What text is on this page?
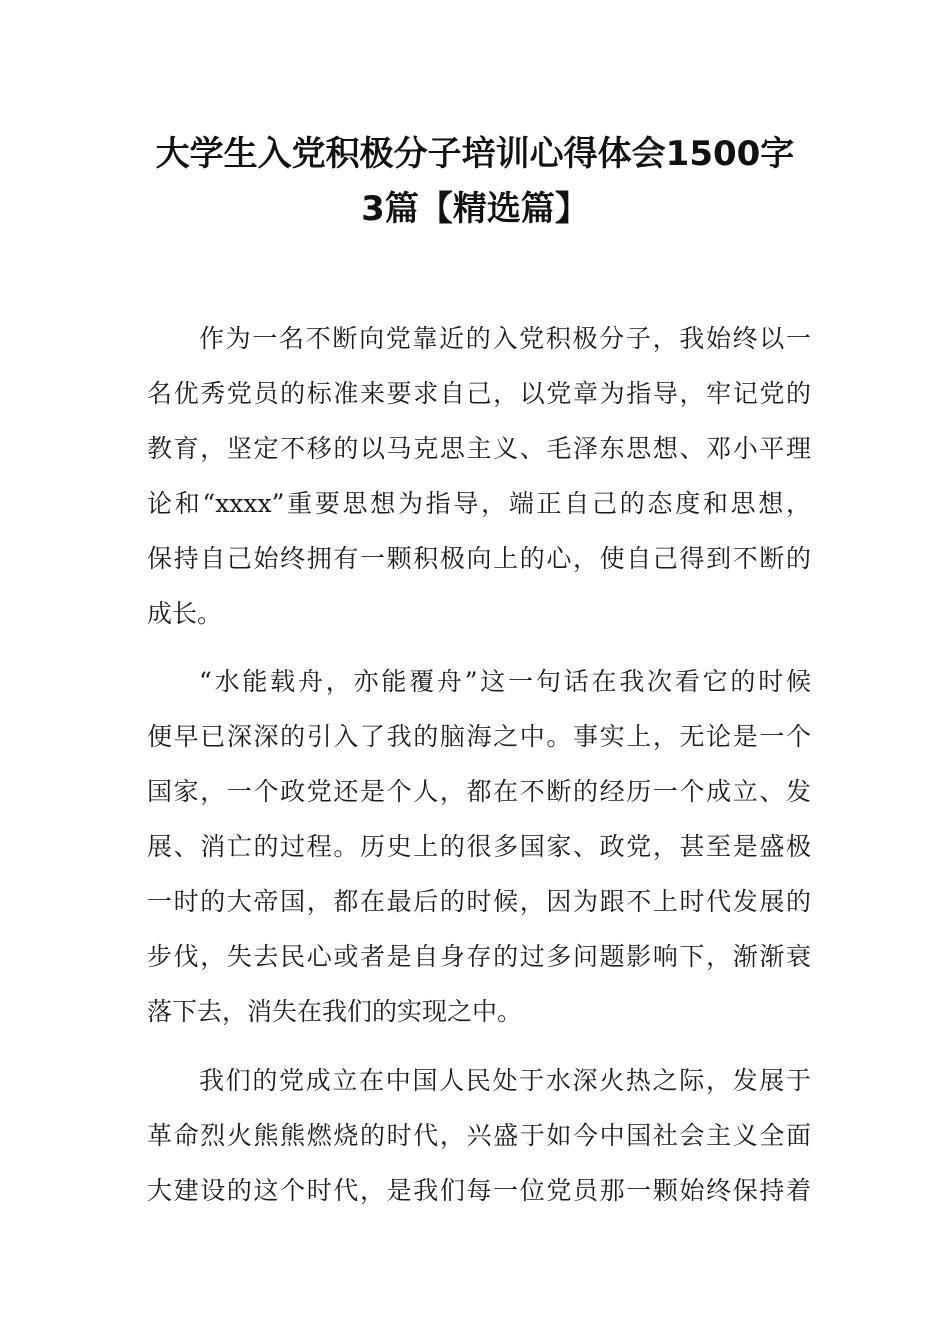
大学生入党积极分子培训心得体会1500字
3篇【精选篇】
作为一名不断向党靠近的入党积极分子，我始终以一
名优秀党员的标准来要求自己，以党章为指导，牢记党的
教育，坚定不移的以马克思主义、毛泽东思想、邓小平理
论和“xxxx”重要思想为指导，端正自己的态度和思想，
保持自己始终拥有一颗积极向上的心，使自己得到不断的
成长。
“水能载舟，亦能覆舟”这一句话在我次看它的时候
便早已深深的引入了我的脑海之中。事实上，无论是一个
国家，一个政党还是个人，都在不断的经历一个成立、发
展、消亡的过程。历史上的很多国家、政党，甚至是盛极
一时的大帝国，都在最后的时候，因为跟不上时代发展的
步伐，失去民心或者是自身存的过多问题影响下，渐渐衰
落下去，消失在我们的实现之中。
我们的党成立在中国人民处于水深火热之际，发展于
革命烈火熊熊燃烧的时代，兴盛于如今中国社会主义全面
大建设的这个时代，是我们每一位党员那一颗始终保持着
